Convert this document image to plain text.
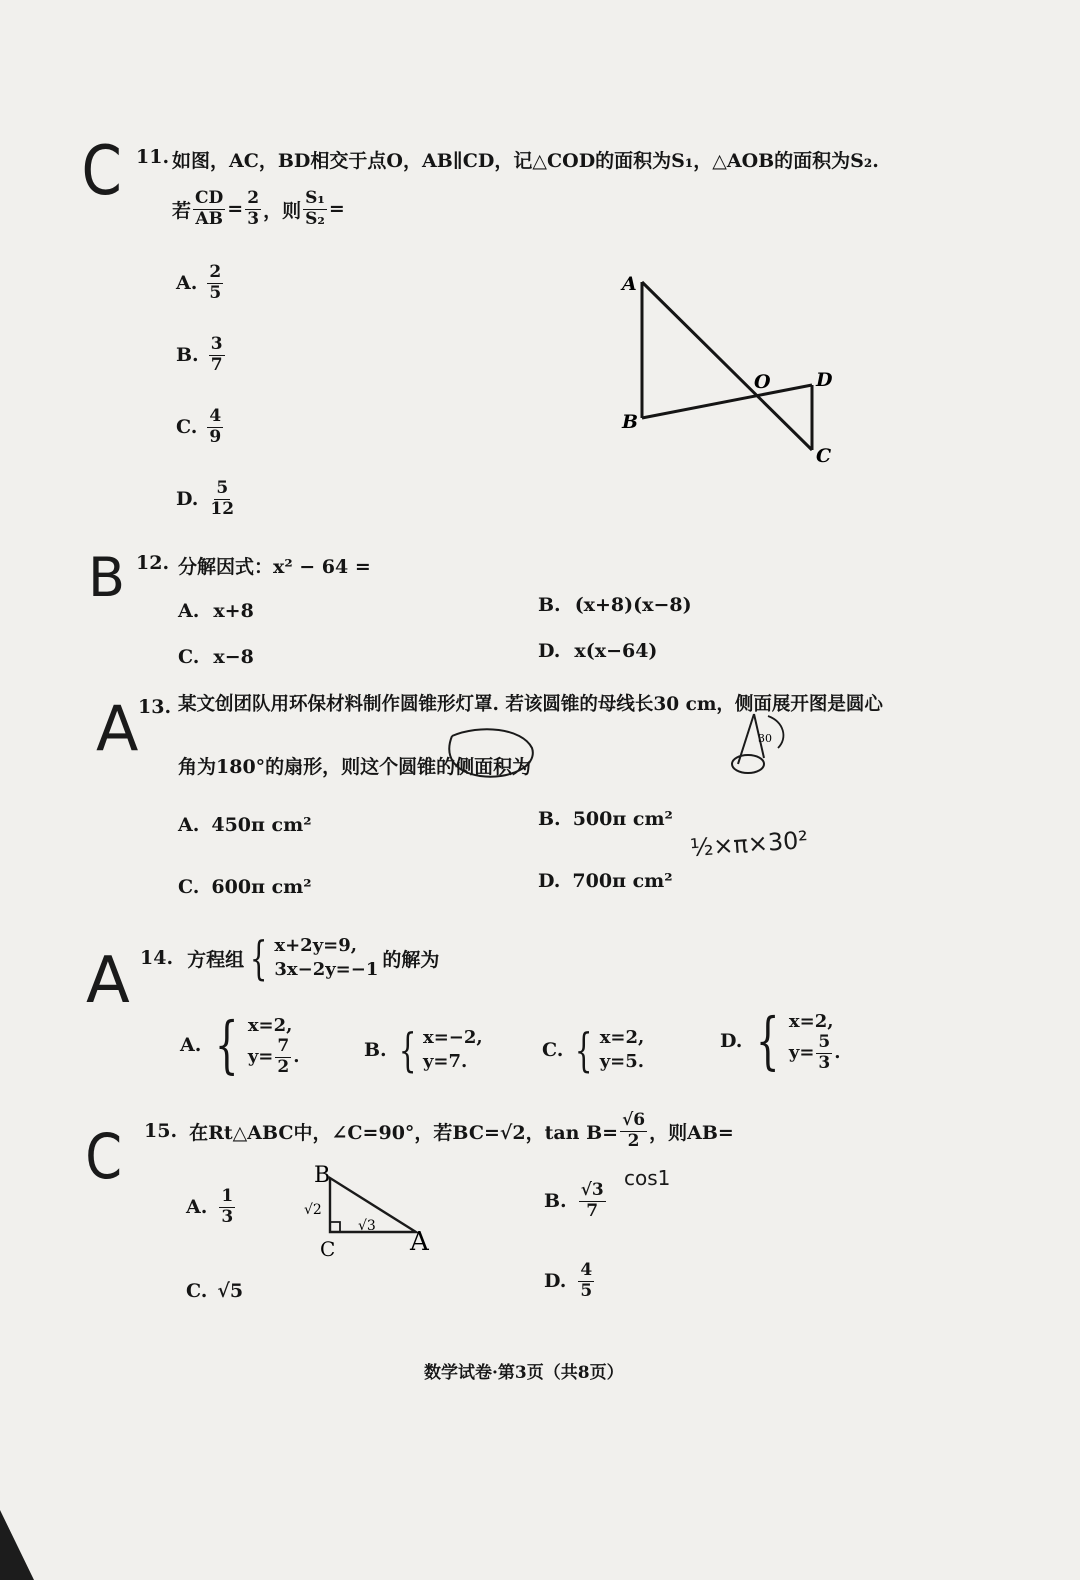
C 11. 如图，AC，BD相交于点O，AB∥CD，记△COD的面积为S₁，△AOB的面积为S₂.
若 $\frac{CD}{AB} = \frac{2}{3}$ ，则 $\frac{\text{S₁}}{\text{S₂}}$ =
A. $\frac{2}{5}$
B. $\frac{3}{7}$
C. $\frac{4}{9}$
D. $\frac{5}{12}$
A
B
O D
C
B 12. 分解因式：x² − 64 =
A. x+8	B. (x+8)(x−8)
C. x−8	D. x(x−64)
A 13. 某文创团队用环保材料制作圆锥形灯罩. 若该圆锥的母线长30 cm，侧面展开图是圆心
角为180°的扇形，则这个圆锥的侧面积为
30
A. 450π cm²	B. 500π cm²
C. 600π cm²	D. 700π cm²
½×π×30²
A 14. 方程组 { x+2y=9,
3x−2y=−1 的解为
A. { x=2,
$y= \frac{7}{2}$ .	B. { x=−2,
y=7.
C. { x=2,
y=5.
D. { x=2,
$y= \frac{5}{3}$ .
C 15. 在Rt△ABC中，∠C=90°，若BC=√2，$\tan B= \frac{√6}{2}$ ，则AB=
cos1
A. $\frac{1}{3}$	B. $\frac{√3}{7}$
C. √5	D. $\frac{4}{5}$
B
C	A
√2
√3
数学试卷·第3页（共8页）
